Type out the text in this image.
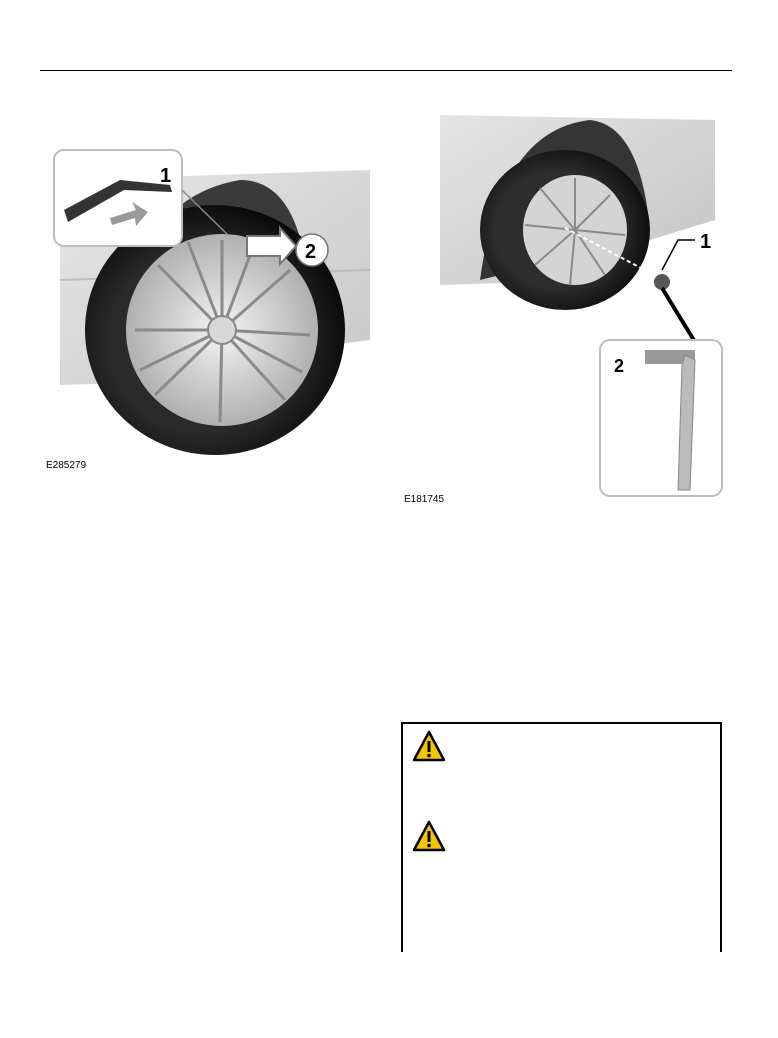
1
2
E285279
1
2
E181745
